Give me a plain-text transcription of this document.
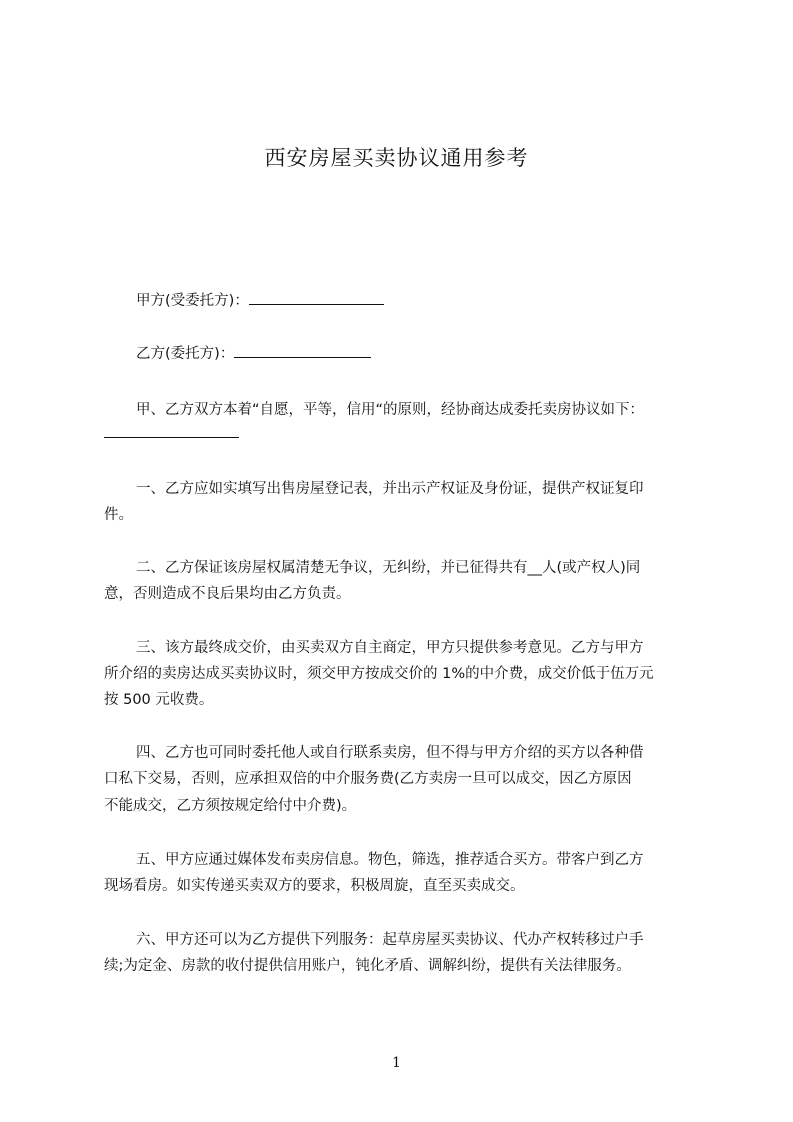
西安房屋买卖协议通用参考
甲方(受委托方)：
乙方(委托方)：
甲、乙方双方本着“自愿，平等，信用“的原则，经协商达成委托卖房协议如下：
一、乙方应如实填写出售房屋登记表，并出示产权证及身份证，提供产权证复印
件。
二、乙方保证该房屋权属清楚无争议，无纠纷，并已征得共有__人(或产权人)同
意，否则造成不良后果均由乙方负责。
三、该方最终成交价，由买卖双方自主商定，甲方只提供参考意见。乙方与甲方
所介绍的卖房达成买卖协议时，须交甲方按成交价的 1%的中介费，成交价低于伍万元
按 500 元收费。
四、乙方也可同时委托他人或自行联系卖房，但不得与甲方介绍的买方以各种借
口私下交易，否则，应承担双倍的中介服务费(乙方卖房一旦可以成交，因乙方原因
不能成交，乙方须按规定给付中介费)。
五、甲方应通过媒体发布卖房信息。物色，筛选，推荐适合买方。带客户到乙方
现场看房。如实传递买卖双方的要求，积极周旋，直至买卖成交。
六、甲方还可以为乙方提供下列服务：起草房屋买卖协议、代办产权转移过户手
续;为定金、房款的收付提供信用账户，钝化矛盾、调解纠纷，提供有关法律服务。
1
